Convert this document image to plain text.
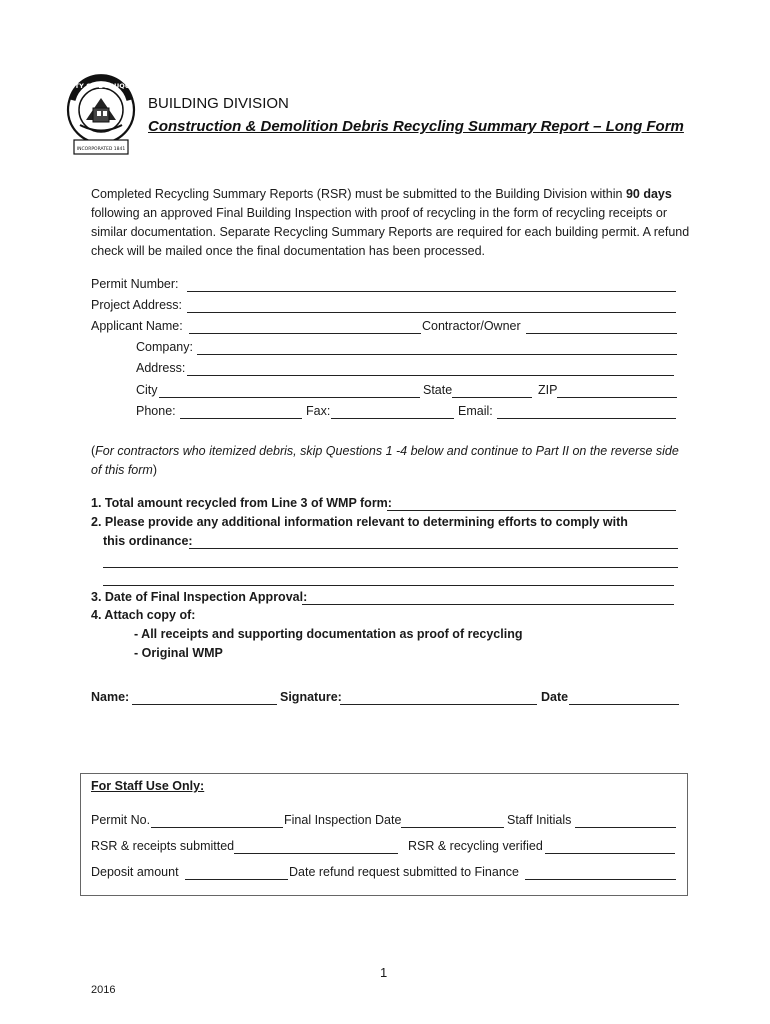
CITY OF DUBUQUE
INCORPORATED 1841
BUILDING DIVISION
Construction & Demolition Debris Recycling Summary Report – Long Form
Completed Recycling Summary Reports (RSR) must be submitted to the Building Division within 90 days following an approved Final Building Inspection with proof of recycling in the form of recycling receipts or similar documentation. Separate Recycling Summary Reports are required for each building permit. A refund check will be mailed once the final documentation has been processed.
Permit Number:
Project Address:
Applicant Name:	Contractor/Owner
Company:
Address:
City	State	ZIP
Phone:	Fax:	Email:
(For contractors who itemized debris, skip Questions 1 -4 below and continue to Part II on the reverse side of this form)
1. Total amount recycled from Line 3 of WMP form:
2. Please provide any additional information relevant to determining efforts to comply with
this ordinance:
3. Date of Final Inspection Approval:
4. Attach copy of:
- All receipts and supporting documentation as proof of recycling
- Original WMP
Name:	Signature:	Date
For Staff Use Only:
Permit No.	Final Inspection Date	Staff Initials
RSR & receipts submitted	RSR & recycling verified
Deposit amount	Date refund request submitted to Finance
1
2016
